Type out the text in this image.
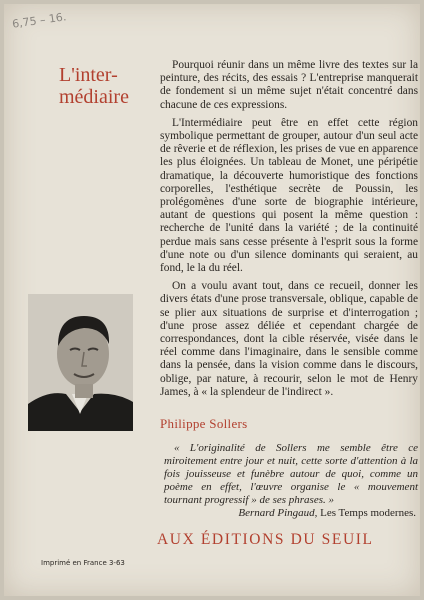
6,75 – 16.
L'inter-
médiaire

Pourquoi réunir dans un même livre des textes sur la peinture, des récits, des essais ? L'entreprise manquerait de fondement si un même sujet n'était concentré dans chacune de ces expressions.

L'Intermédiaire peut être en effet cette région symbolique permettant de grouper, autour d'un seul acte de rêverie et de réflexion, les prises de vue en apparence les plus éloignées. Un tableau de Monet, une péripétie dramatique, la découverte humoristique des fonctions corporelles, l'esthétique secrète de Poussin, les prolégomènes d'une sorte de biographie intérieure, autant de questions qui posent la même question : recherche de l'unité dans la variété ; de la continuité perdue mais sans cesse présente à l'esprit sous la forme d'une note ou d'un silence dominants qui seraient, au fond, le la du réel.

On a voulu avant tout, dans ce recueil, donner les divers états d'une prose transversale, oblique, capable de se plier aux situations de surprise et d'interrogation ; d'une prose assez déliée et cependant chargée de correspondances, dont la cible réservée, visée dans le réel comme dans l'imaginaire, dans le sensible comme dans la pensée, dans la vision comme dans le discours, oblige, par nature, à recourir, selon le mot de Henry James, à « la splendeur de l'indirect ».

Philippe Sollers

« L'originalité de Sollers me semble être ce miroitement entre jour et nuit, cette sorte d'attention à la fois jouisseuse et funèbre autour de quoi, comme un poème en effet, l'œuvre organise le « mouvement tournant progressif » de ses phrases. »

Bernard Pingaud, Les Temps modernes.
AUX ÉDITIONS DU SEUIL
Imprimé en France 3-63
